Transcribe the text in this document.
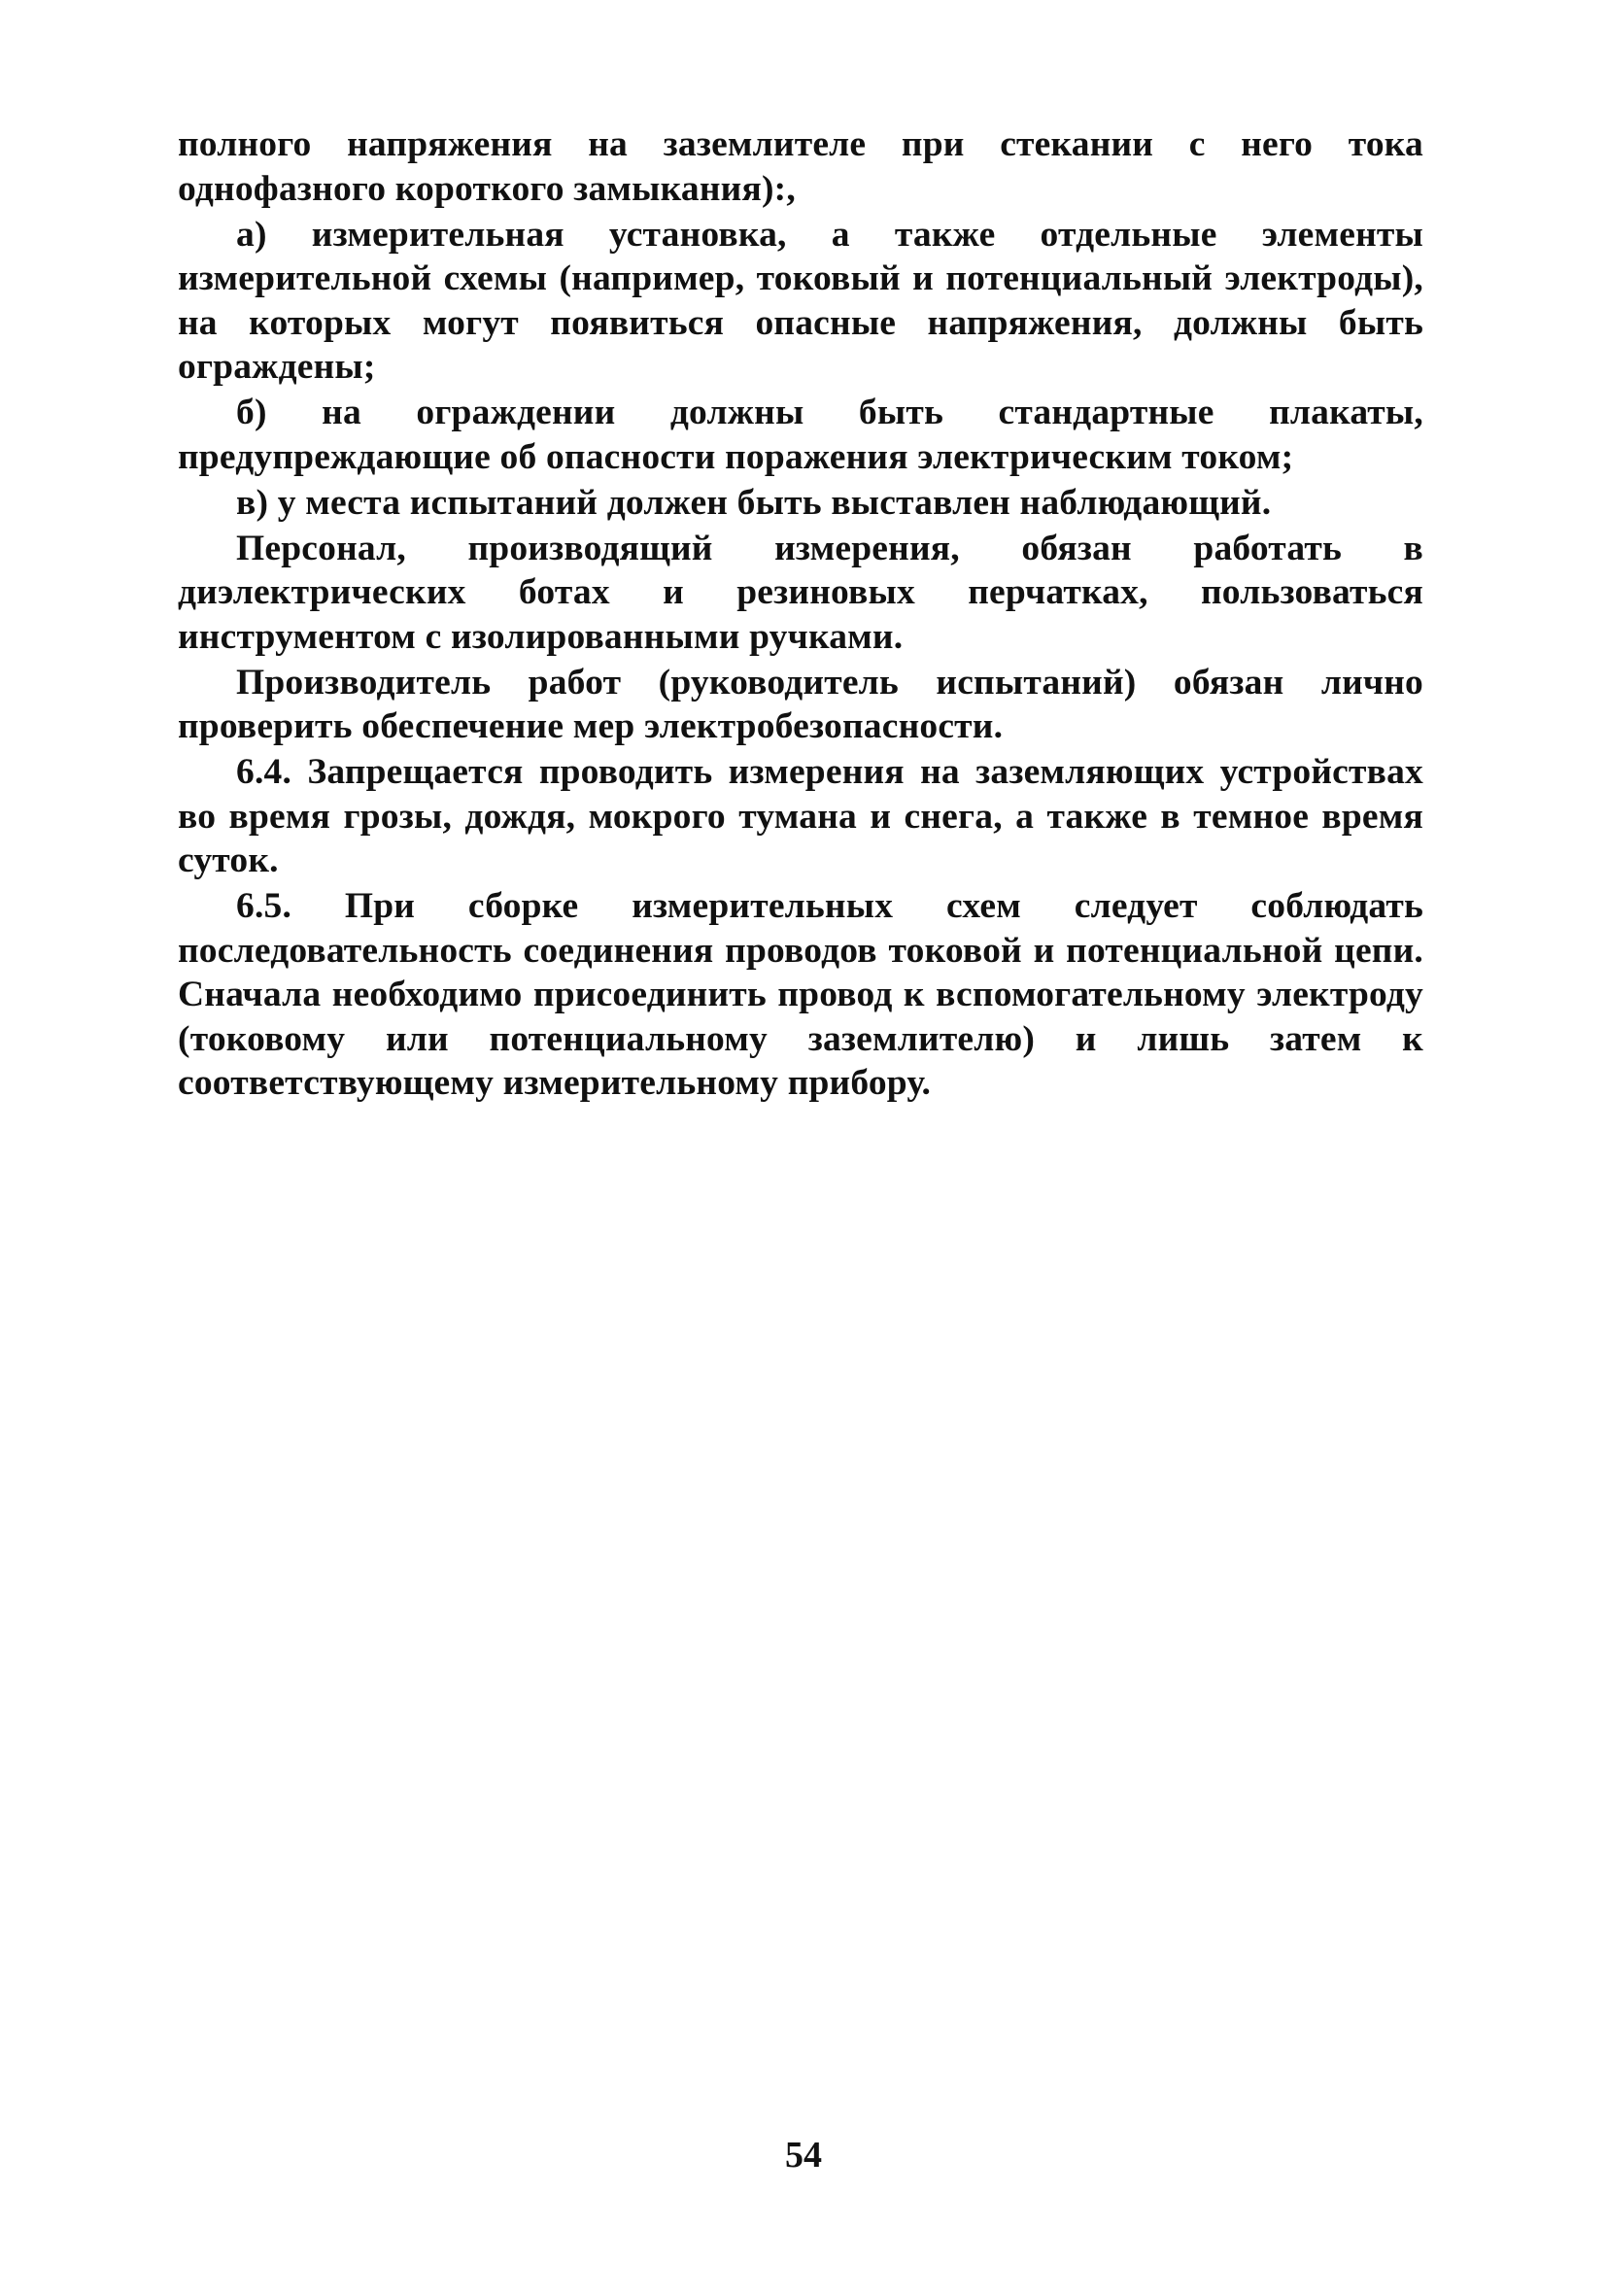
полного напряжения на заземлителе при стекании с него тока однофазного короткого замыкания):,

а) измерительная установка, а также отдельные элементы измерительной схемы (например, токовый и потенциальный электроды), на которых могут появиться опасные напряжения, должны быть ограждены;

б) на ограждении должны быть стандартные плакаты, предупреждающие об опасности поражения электрическим током;

в) у места испытаний должен быть выставлен наблюдающий.

Персонал, производящий измерения, обязан работать в диэлектрических ботах и резиновых перчатках, пользоваться инструментом с изолированными ручками.

Производитель работ (руководитель испытаний) обязан лично проверить обеспечение мер электробезопасности.

6.4. Запрещается проводить измерения на заземляющих устройствах во время грозы, дождя, мокрого тумана и снега, а также в темное время суток.

6.5. При сборке измерительных схем следует соблюдать последовательность соединения проводов токовой и потенциальной цепи. Сначала необходимо присоединить провод к вспомогательному электроду (токовому или потенциальному заземлителю) и лишь затем к соответствующему измерительному прибору.

54
